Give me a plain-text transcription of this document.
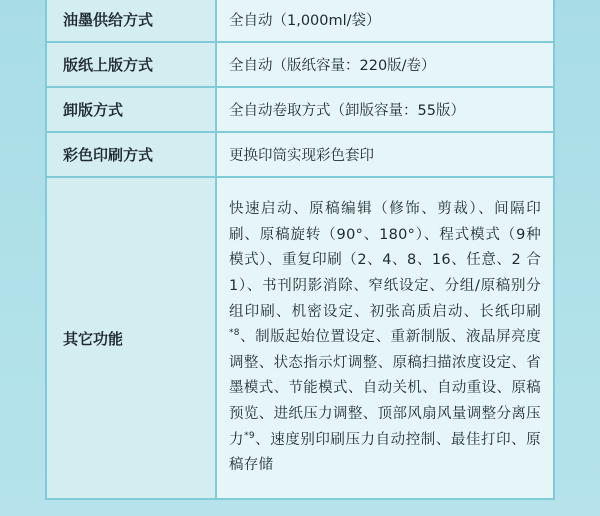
油墨供给方式	全自动（1,000ml/袋）
版纸上版方式	全自动（版纸容量：220版/卷）
卸版方式	全自动卷取方式（卸版容量：55版）
彩色印刷方式	更换印筒实现彩色套印
其它功能	快速启动、原稿编辑（修饰、剪裁）、间隔印刷、原稿旋转（90°、180°）、程式模式（9种模式）、重复印刷（2、4、8、16、任意、2 合 1）、书刊阴影消除、窄纸设定、分组/原稿别分组印刷、机密设定、初张高质启动、长纸印刷$^{*8}$、制版起始位置设定、重新制版、液晶屏亮度调整、状态指示灯调整、原稿扫描浓度设定、省墨模式、节能模式、自动关机、自动重设、原稿预览、进纸压力调整、顶部风扇风量调整分离压力$^{*9}$、速度别印刷压力自动控制、最佳打印、原稿存储
